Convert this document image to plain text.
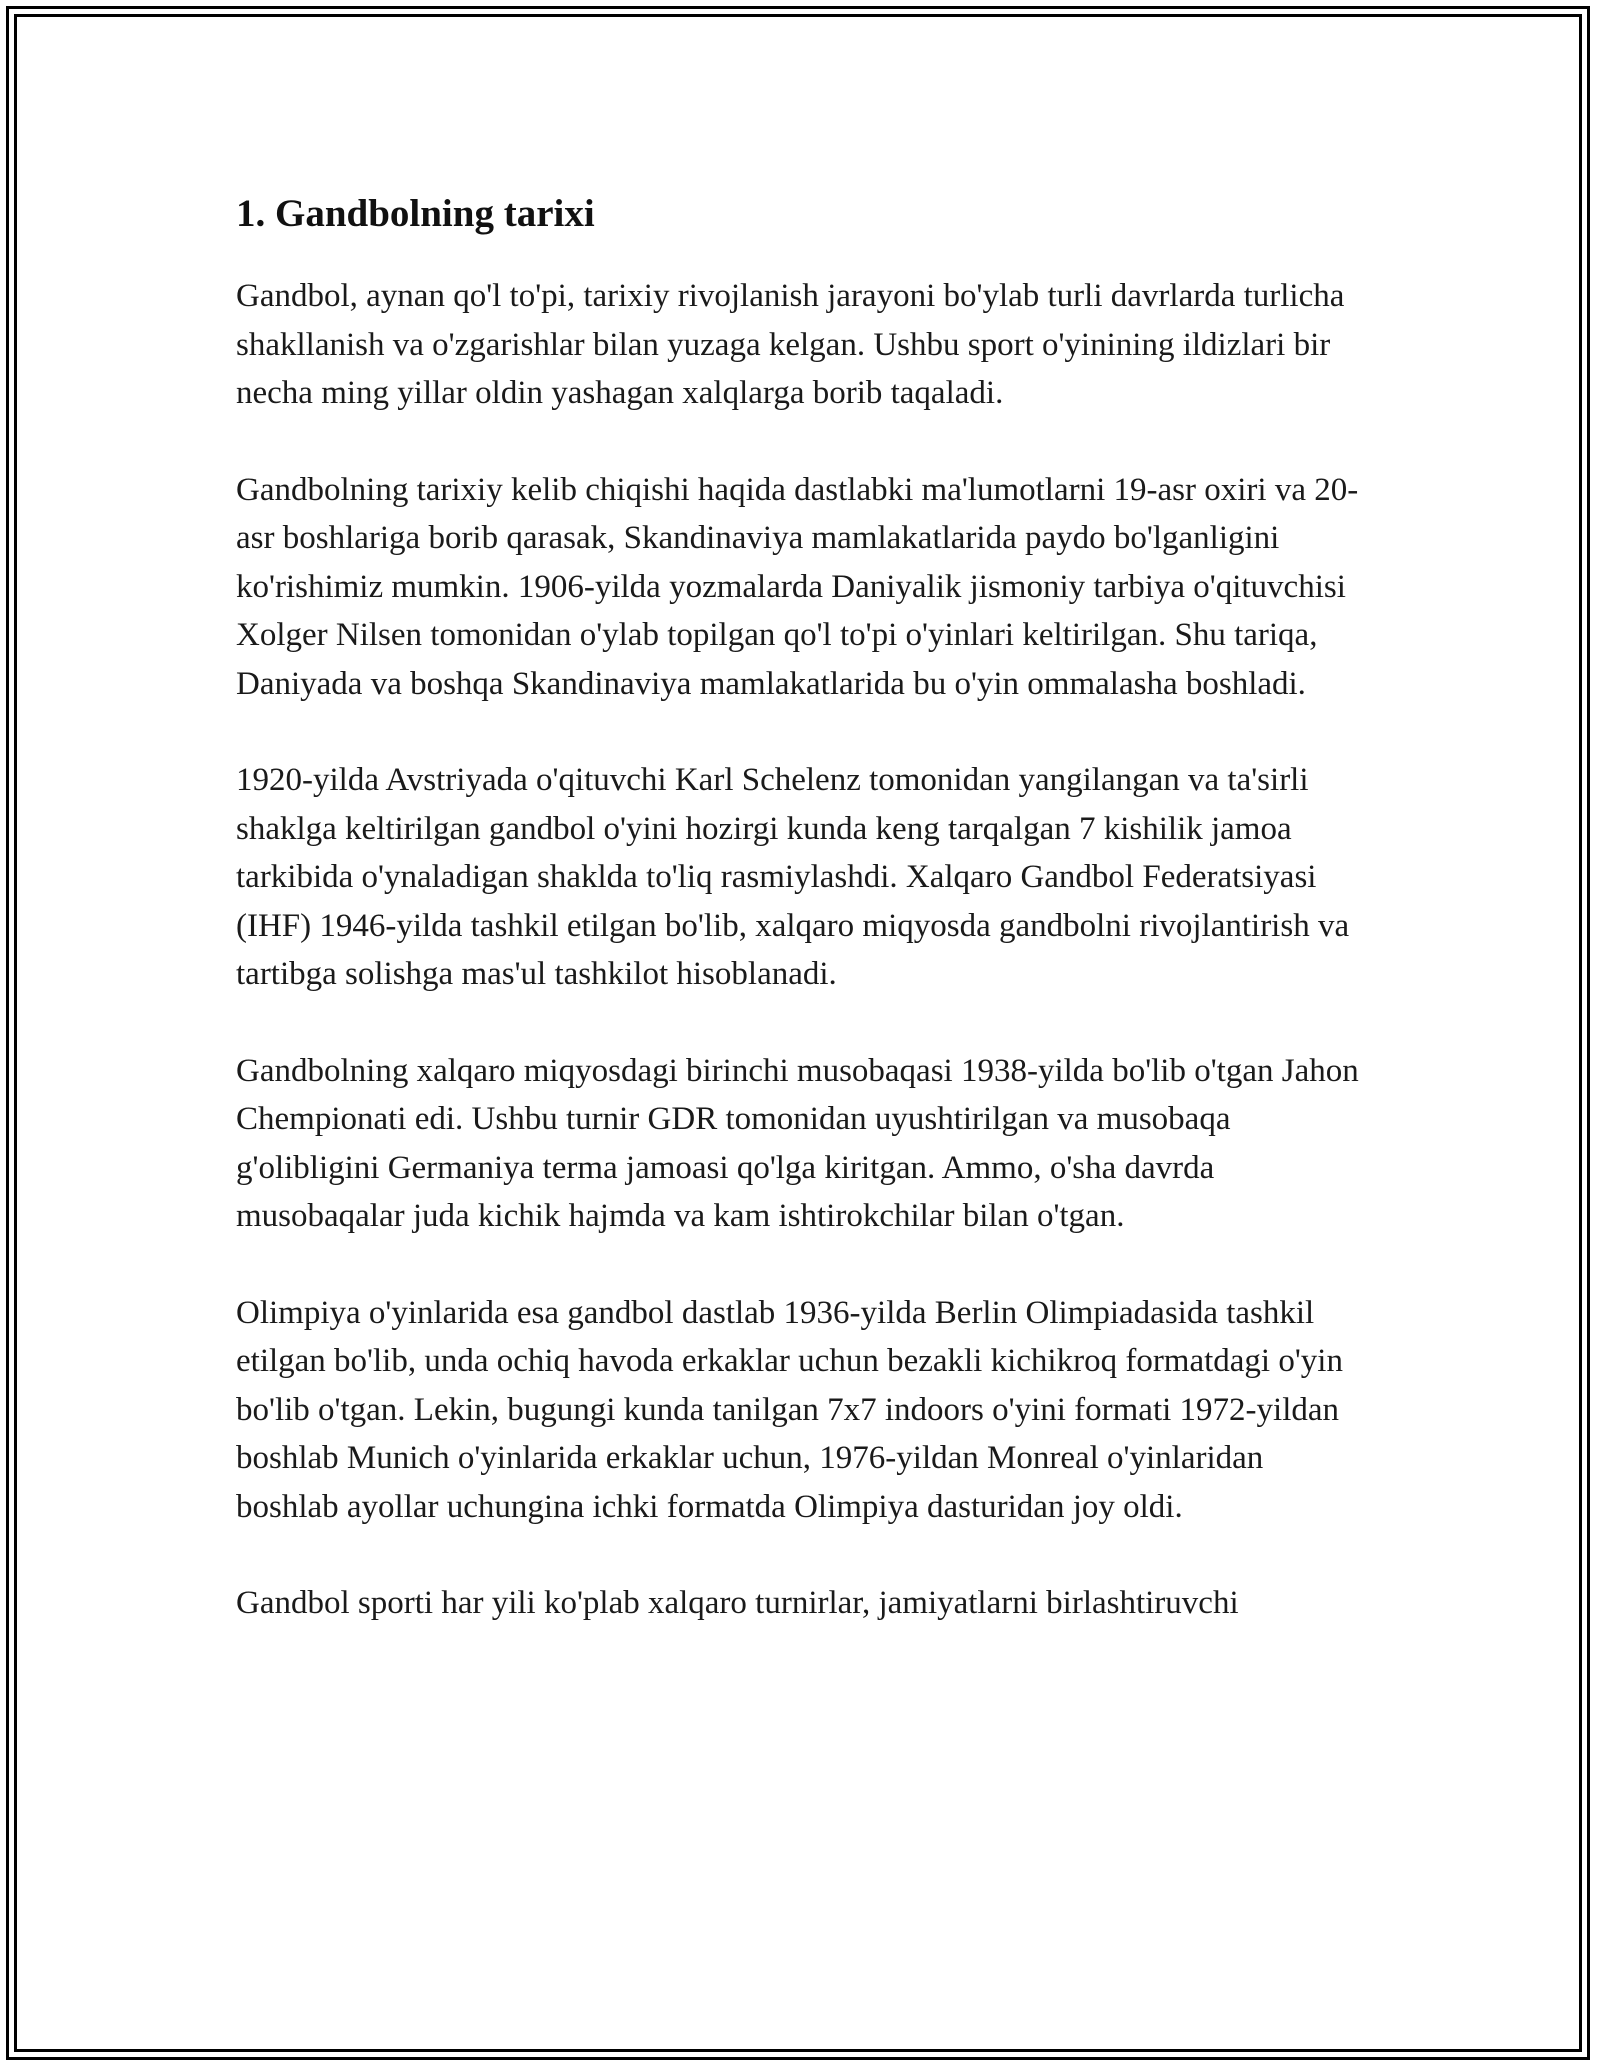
1. Gandbolning tarixi

Gandbol, aynan qo'l to'pi, tarixiy rivojlanish jarayoni bo'ylab turli davrlarda turlicha shakllanish va o'zgarishlar bilan yuzaga kelgan. Ushbu sport o'yinining ildizlari bir necha ming yillar oldin yashagan xalqlarga borib taqaladi.

Gandbolning tarixiy kelib chiqishi haqida dastlabki ma'lumotlarni 19-asr oxiri va 20-asr boshlariga borib qarasak, Skandinaviya mamlakatlarida paydo bo'lganligini ko'rishimiz mumkin. 1906-yilda yozmalarda Daniyalik jismoniy tarbiya o'qituvchisi Xolger Nilsen tomonidan o'ylab topilgan qo'l to'pi o'yinlari keltirilgan. Shu tariqa, Daniyada va boshqa Skandinaviya mamlakatlarida bu o'yin ommalasha boshladi.

1920-yilda Avstriyada o'qituvchi Karl Schelenz tomonidan yangilangan va ta'sirli shaklga keltirilgan gandbol o'yini hozirgi kunda keng tarqalgan 7 kishilik jamoa tarkibida o'ynaladigan shaklda to'liq rasmiylashdi. Xalqaro Gandbol Federatsiyasi (IHF) 1946-yilda tashkil etilgan bo'lib, xalqaro miqyosda gandbolni rivojlantirish va tartibga solishga mas'ul tashkilot hisoblanadi.

Gandbolning xalqaro miqyosdagi birinchi musobaqasi 1938-yilda bo'lib o'tgan Jahon Chempionati edi. Ushbu turnir GDR tomonidan uyushtirilgan va musobaqa g'olibligini Germaniya terma jamoasi qo'lga kiritgan. Ammo, o'sha davrda musobaqalar juda kichik hajmda va kam ishtirokchilar bilan o'tgan.

Olimpiya o'yinlarida esa gandbol dastlab 1936-yilda Berlin Olimpiadasida tashkil etilgan bo'lib, unda ochiq havoda erkaklar uchun bezakli kichikroq formatdagi o'yin bo'lib o'tgan. Lekin, bugungi kunda tanilgan 7x7 indoors o'yini formati 1972-yildan boshlab Munich o'yinlarida erkaklar uchun, 1976-yildan Monreal o'yinlaridan boshlab ayollar uchungina ichki formatda Olimpiya dasturidan joy oldi.

Gandbol sporti har yili ko'plab xalqaro turnirlar, jamiyatlarni birlashtiruvchi
